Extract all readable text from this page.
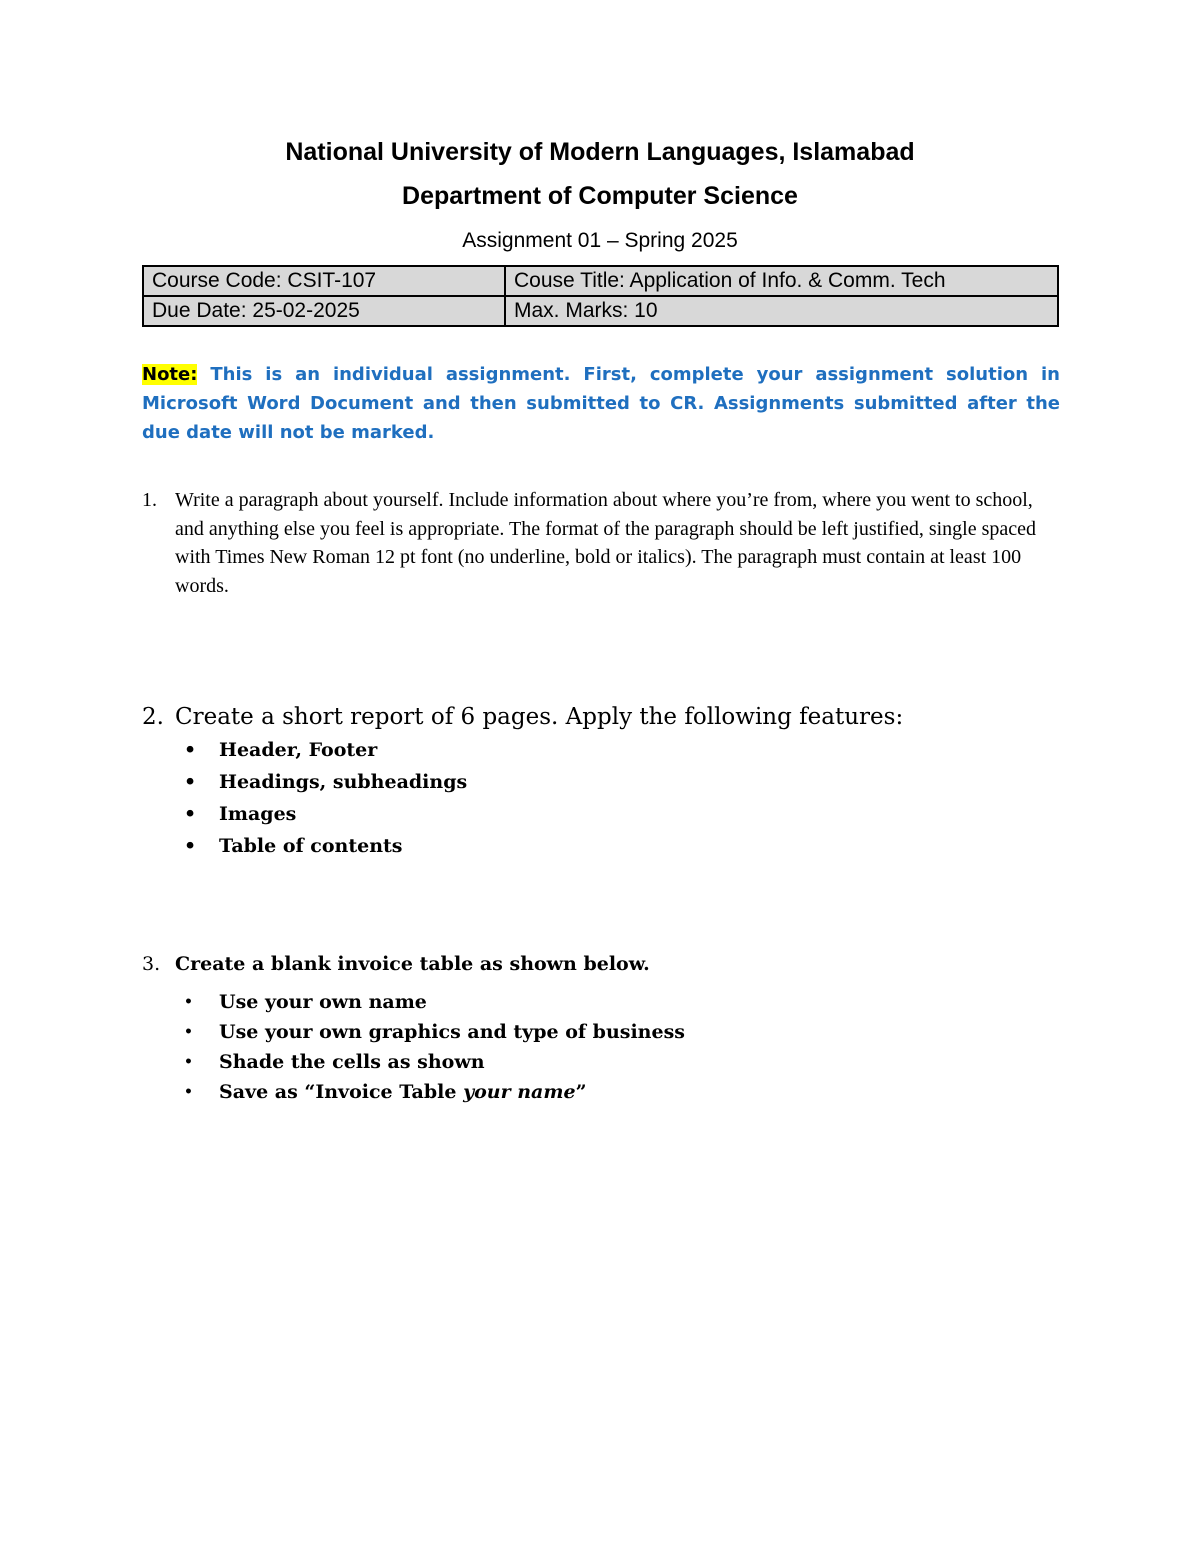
National University of Modern Languages, Islamabad
Department of Computer Science
Assignment 01 – Spring 2025
Course Code: CSIT-107	Couse Title: Application of Info. & Comm. Tech
Due Date: 25-02-2025	Max. Marks: 10
Note: This is an individual assignment. First, complete your assignment solution in Microsoft Word Document and then submitted to CR. Assignments submitted after the due date will not be marked.
1. Write a paragraph about yourself. Include information about where you’re from, where you went to school, and anything else you feel is appropriate. The format of the paragraph should be left justified, single spaced with Times New Roman 12 pt font (no underline, bold or italics). The paragraph must contain at least 100 words.
2. Create a short report of 6 pages. Apply the following features:
• Header, Footer
• Headings, subheadings
• Images
• Table of contents
3. Create a blank invoice table as shown below.
• Use your own name
• Use your own graphics and type of business
• Shade the cells as shown
• Save as “Invoice Table your name”
